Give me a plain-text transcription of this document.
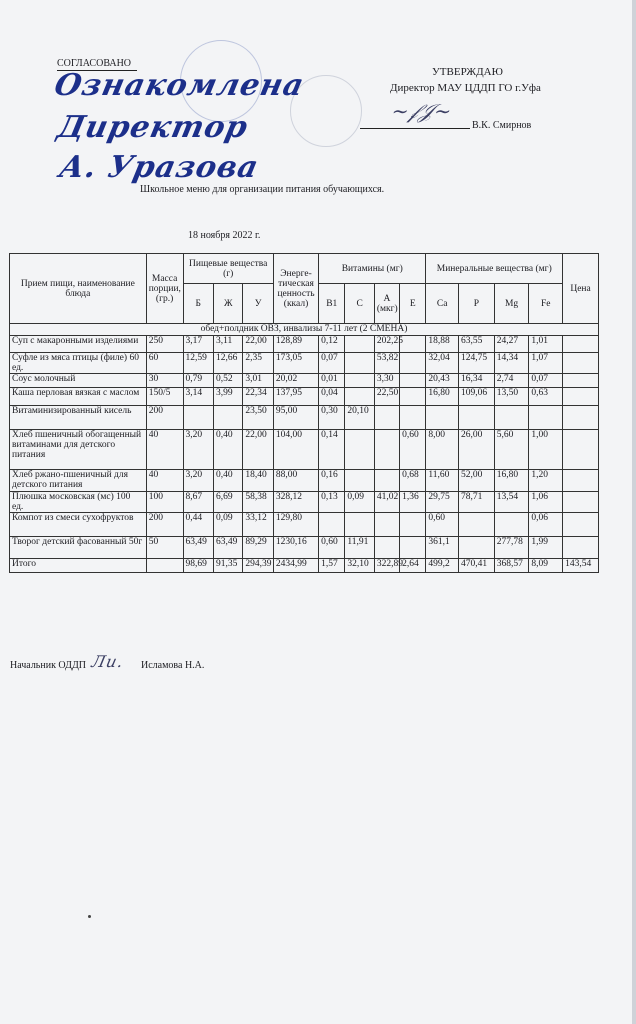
СОГЛАСОВАНО
УТВЕРЖДАЮ
Директор МАУ ЦДДП ГО г.Уфа
~𝒻𝒥~
В.К. Смирнов
Ознакомлена
Директор
А. Уразова
Школьное меню для организации питания обучающихся.
18 ноября 2022 г.
Прием пищи, наименование блюда	Масса порции, (гр.)	Пищевые вещества (г)			Энерге-тическая ценность (ккал)	Витамины (мг)				Минеральные вещества (мг)				Цена
		Б	Ж	У		В1	С	А (мкг)	Е	Ca	P	Mg	Fe	
обед+полдник ОВЗ, инвализы 7-11 лет (2 СМЕНА)														
Суп с макаронными изделиями	250	3,17	3,11	22,00	128,89	0,12		202,25		18,88	63,55	24,27	1,01	
Суфле из мяса птицы (филе) 60 ед.	60	12,59	12,66	2,35	173,05	0,07		53,82		32,04	124,75	14,34	1,07	
Соус молочный	30	0,79	0,52	3,01	20,02	0,01		3,30		20,43	16,34	2,74	0,07	
Каша перловая вязкая с маслом	150/5	3,14	3,99	22,34	137,95	0,04		22,50		16,80	109,06	13,50	0,63	
Витаминизированный кисель	200			23,50	95,00	0,30	20,10							
Хлеб пшеничный обогащенный витаминами для детского питания	40	3,20	0,40	22,00	104,00	0,14			0,60	8,00	26,00	5,60	1,00	
Хлеб ржано-пшеничный для детского питания	40	3,20	0,40	18,40	88,00	0,16			0,68	11,60	52,00	16,80	1,20	
Плюшка московская (мс) 100 ед.	100	8,67	6,69	58,38	328,12	0,13	0,09	41,02	1,36	29,75	78,71	13,54	1,06	
Компот из смеси сухофруктов	200	0,44	0,09	33,12	129,80					0,60			0,06	
Творог детский фасованный 50г	50	63,49	63,49	89,29	1230,16	0,60	11,91			361,1		277,78	1,99	
Итого		98,69	91,35	294,39	2434,99	1,57	32,10	322,89	2,64	499,2	470,41	368,57	8,09	143,54
Начальник ОДДП Ли. Исламова Н.А.
